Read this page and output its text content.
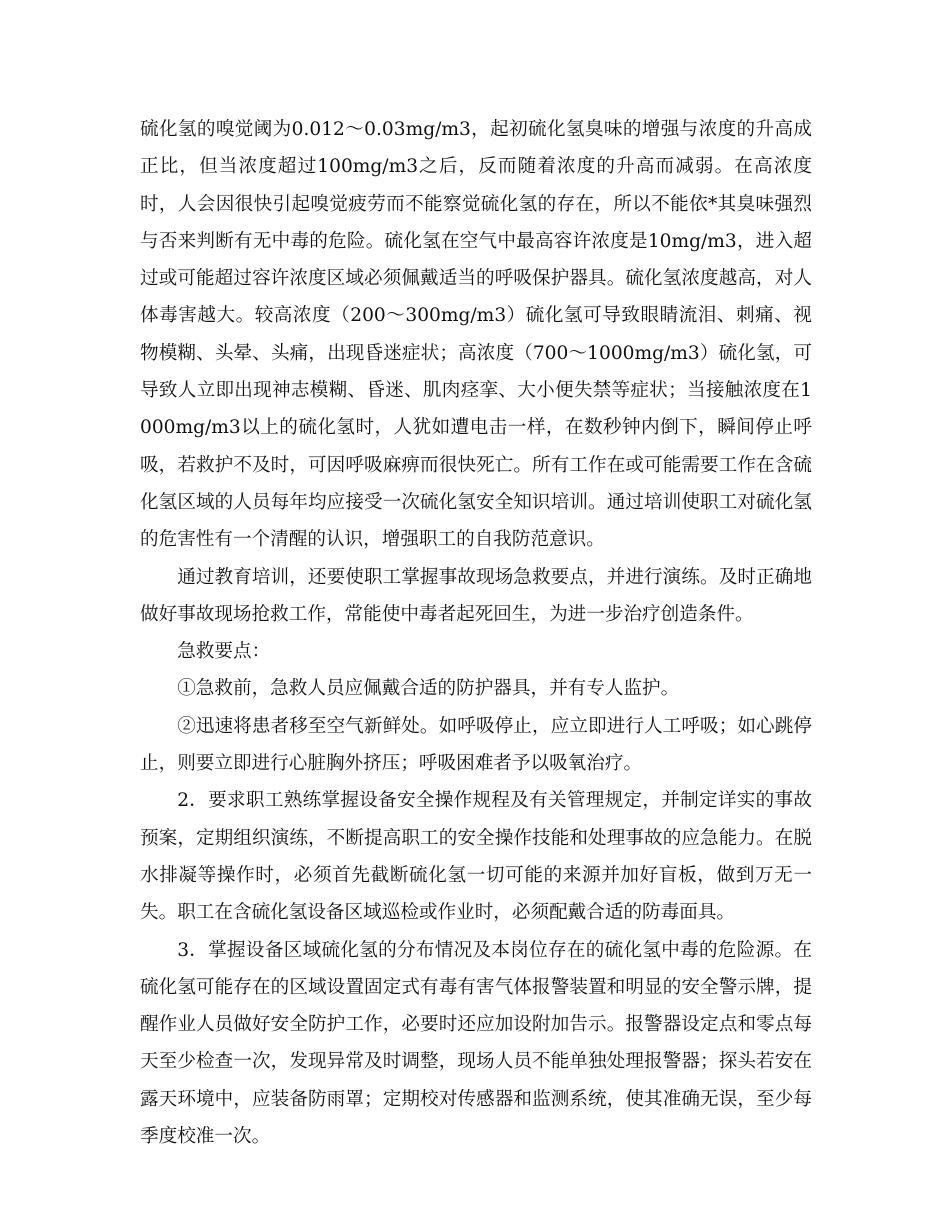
硫化氢的嗅觉阈为0.012～0.03mg/m3，起初硫化氢臭味的增强与浓度的升高成正比，但当浓度超过100mg/m3之后，反而随着浓度的升高而减弱。在高浓度时，人会因很快引起嗅觉疲劳而不能察觉硫化氢的存在，所以不能依*其臭味强烈与否来判断有无中毒的危险。硫化氢在空气中最高容许浓度是10mg/m3，进入超过或可能超过容许浓度区域必须佩戴适当的呼吸保护器具。硫化氢浓度越高，对人体毒害越大。较高浓度（200～300mg/m3）硫化氢可导致眼睛流泪、刺痛、视物模糊、头晕、头痛，出现昏迷症状；高浓度（700～1000mg/m3）硫化氢，可导致人立即出现神志模糊、昏迷、肌肉痉挛、大小便失禁等症状；当接触浓度在1000mg/m3以上的硫化氢时，人犹如遭电击一样，在数秒钟内倒下，瞬间停止呼吸，若救护不及时，可因呼吸麻痹而很快死亡。所有工作在或可能需要工作在含硫化氢区域的人员每年均应接受一次硫化氢安全知识培训。通过培训使职工对硫化氢的危害性有一个清醒的认识，增强职工的自我防范意识。

通过教育培训，还要使职工掌握事故现场急救要点，并进行演练。及时正确地做好事故现场抢救工作，常能使中毒者起死回生，为进一步治疗创造条件。

急救要点：

①急救前，急救人员应佩戴合适的防护器具，并有专人监护。

②迅速将患者移至空气新鲜处。如呼吸停止，应立即进行人工呼吸；如心跳停止，则要立即进行心脏胸外挤压；呼吸困难者予以吸氧治疗。

2．要求职工熟练掌握设备安全操作规程及有关管理规定，并制定详实的事故预案，定期组织演练，不断提高职工的安全操作技能和处理事故的应急能力。在脱水排凝等操作时，必须首先截断硫化氢一切可能的来源并加好盲板，做到万无一失。职工在含硫化氢设备区域巡检或作业时，必须配戴合适的防毒面具。

3．掌握设备区域硫化氢的分布情况及本岗位存在的硫化氢中毒的危险源。在硫化氢可能存在的区域设置固定式有毒有害气体报警装置和明显的安全警示牌，提醒作业人员做好安全防护工作，必要时还应加设附加告示。报警器设定点和零点每天至少检查一次，发现异常及时调整，现场人员不能单独处理报警器；探头若安在露天环境中，应装备防雨罩；定期校对传感器和监测系统，使其准确无误，至少每季度校准一次。
